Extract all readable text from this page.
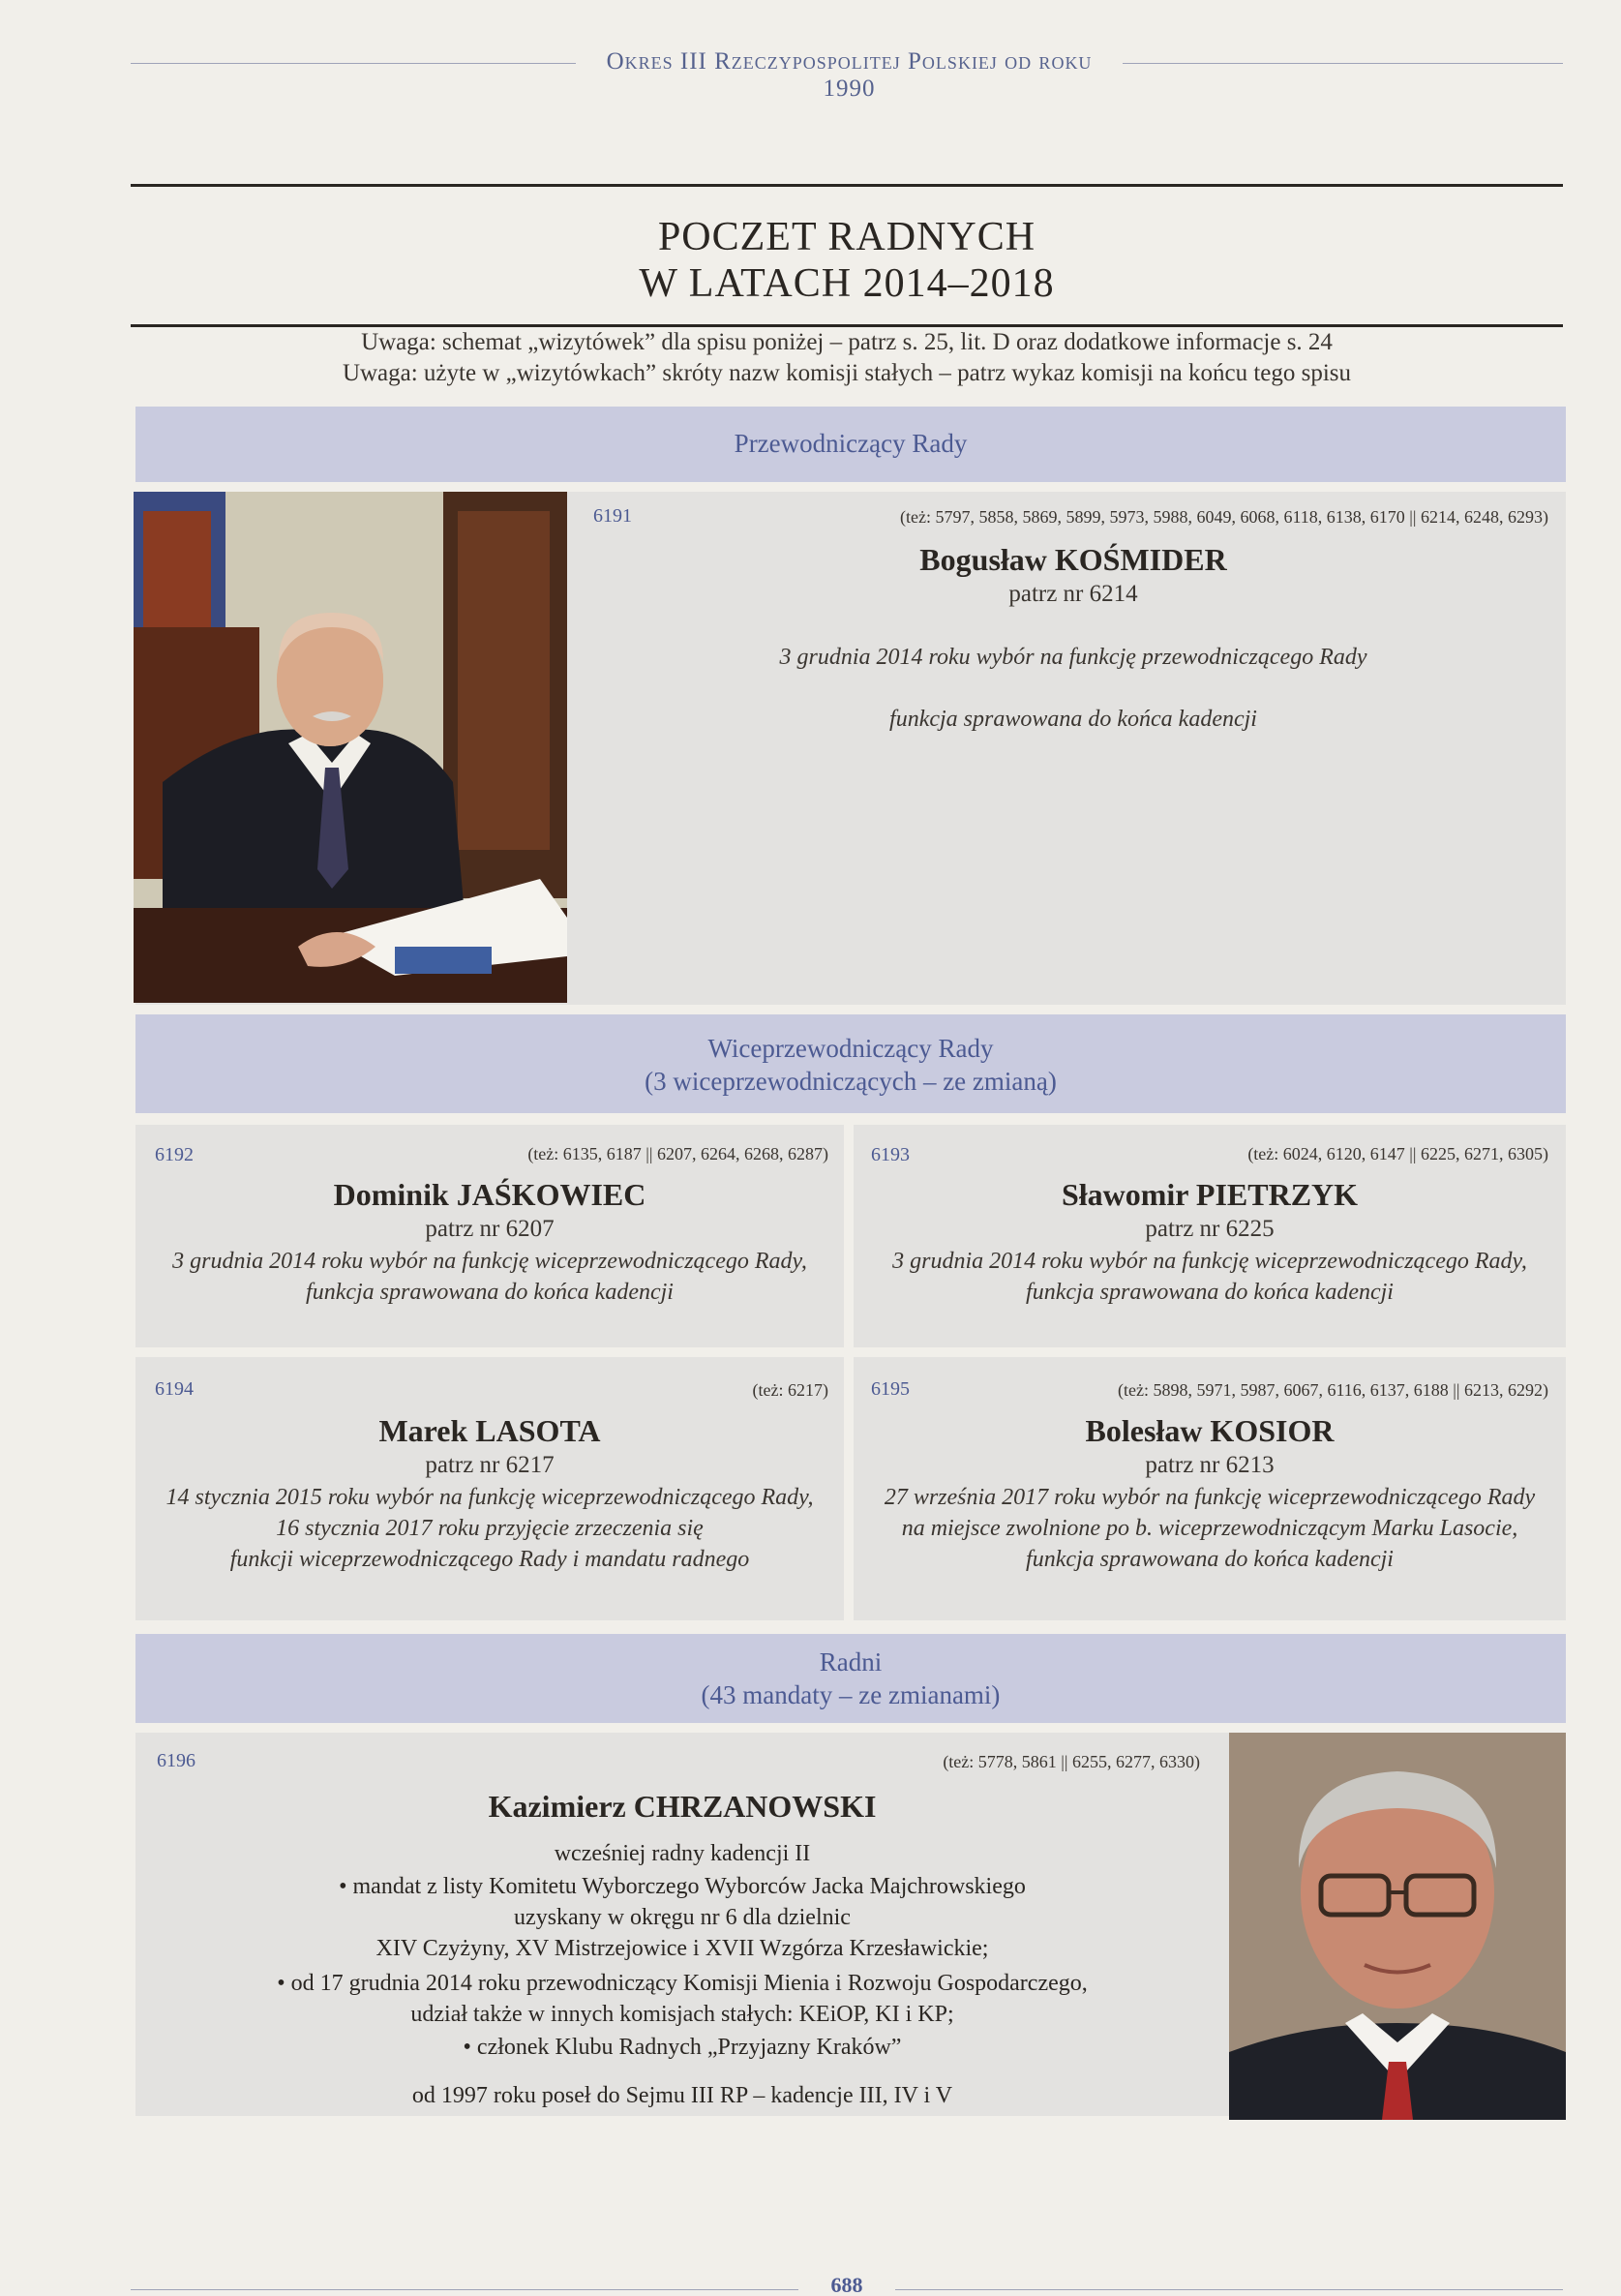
Okres III Rzeczypospolitej Polskiej od roku 1990
POCZET RADNYCH
W LATACH 2014–2018
Uwaga: schemat „wizytówek” dla spisu poniżej – patrz s. 25, lit. D oraz dodatkowe informacje s. 24
Uwaga: użyte w „wizytówkach” skróty nazw komisji stałych – patrz wykaz komisji na końcu tego spisu
Przewodniczący Rady
6191	(też: 5797, 5858, 5869, 5899, 5973, 5988, 6049, 6068, 6118, 6138, 6170 || 6214, 6248, 6293)
Bogusław KOŚMIDER
patrz nr 6214
3 grudnia 2014 roku wybór na funkcję przewodniczącego Rady
funkcja sprawowana do końca kadencji
Wiceprzewodniczący Rady
(3 wiceprzewodniczących – ze zmianą)
6192	(też: 6135, 6187 || 6207, 6264, 6268, 6287)
Dominik JAŚKOWIEC
patrz nr 6207
3 grudnia 2014 roku wybór na funkcję wiceprzewodniczącego Rady,
funkcja sprawowana do końca kadencji
6193	(też: 6024, 6120, 6147 || 6225, 6271, 6305)
Sławomir PIETRZYK
patrz nr 6225
3 grudnia 2014 roku wybór na funkcję wiceprzewodniczącego Rady,
funkcja sprawowana do końca kadencji
6194	(też: 6217)
Marek LASOTA
patrz nr 6217
14 stycznia 2015 roku wybór na funkcję wiceprzewodniczącego Rady,
16 stycznia 2017 roku przyjęcie zrzeczenia się
funkcji wiceprzewodniczącego Rady i mandatu radnego
6195	(też: 5898, 5971, 5987, 6067, 6116, 6137, 6188 || 6213, 6292)
Bolesław KOSIOR
patrz nr 6213
27 września 2017 roku wybór na funkcję wiceprzewodniczącego Rady
na miejsce zwolnione po b. wiceprzewodniczącym Marku Lasocie,
funkcja sprawowana do końca kadencji
Radni
(43 mandaty – ze zmianami)
6196	(też: 5778, 5861 || 6255, 6277, 6330)
Kazimierz CHRZANOWSKI
wcześniej radny kadencji II
• mandat z listy Komitetu Wyborczego Wyborców Jacka Majchrowskiego
uzyskany w okręgu nr 6 dla dzielnic
XIV Czyżyny, XV Mistrzejowice i XVII Wzgórza Krzesławickie;
• od 17 grudnia 2014 roku przewodniczący Komisji Mienia i Rozwoju Gospodarczego,
udział także w innych komisjach stałych: KEiOP, KI i KP;
• członek Klubu Radnych „Przyjazny Kraków”
od 1997 roku poseł do Sejmu III RP – kadencje III, IV i V
688
